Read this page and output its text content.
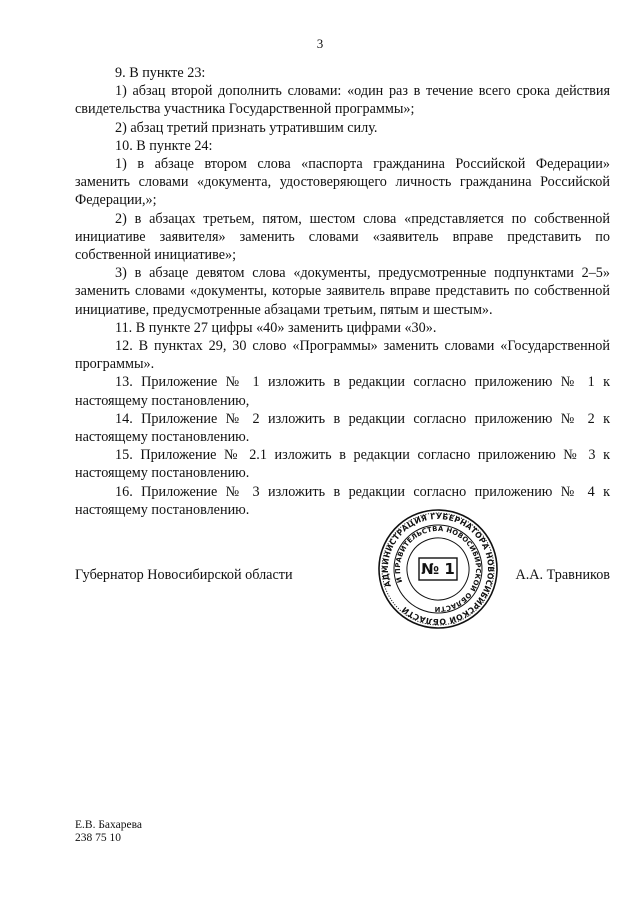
3

9. В пункте 23:

1) абзац второй дополнить словами: «один раз в течение всего срока действия свидетельства участника Государственной программы»;

2) абзац третий признать утратившим силу.

10. В пункте 24:

1) в абзаце втором слова «паспорта гражданина Российской Федерации» заменить словами «документа, удостоверяющего личность гражданина Российской Федерации,»;

2) в абзацах третьем, пятом, шестом слова «представляется по собственной инициативе заявителя» заменить словами «заявитель вправе представить по собственной инициативе»;

3) в абзаце девятом слова «документы, предусмотренные подпунктами 2–5» заменить словами «документы, которые заявитель вправе представить по собственной инициативе, предусмотренные абзацами третьим, пятым и шестым».

11. В пункте 27 цифры «40» заменить цифрами «30».

12. В пунктах 29, 30 слово «Программы» заменить словами «Государственной программы».

13. Приложение № 1 изложить в редакции согласно приложению № 1 к настоящему постановлению,

14. Приложение № 2 изложить в редакции согласно приложению № 2 к настоящему постановлению.

15. Приложение № 2.1 изложить в редакции согласно приложению № 3 к настоящему постановлению.

16. Приложение № 3 изложить в редакции согласно приложению № 4 к настоящему постановлению.

Губернатор Новосибирской области	А.А. Травников
АДМИНИСТРАЦИЯ ГУБЕРНАТОРА НОВОСИБИРСКОЙ ОБЛАСТИ
И ПРАВИТЕЛЬСТВА НОВОСИБИРСКОЙ ОБЛАСТИ
№ 1
Е.В. Бахарева
238 75 10
